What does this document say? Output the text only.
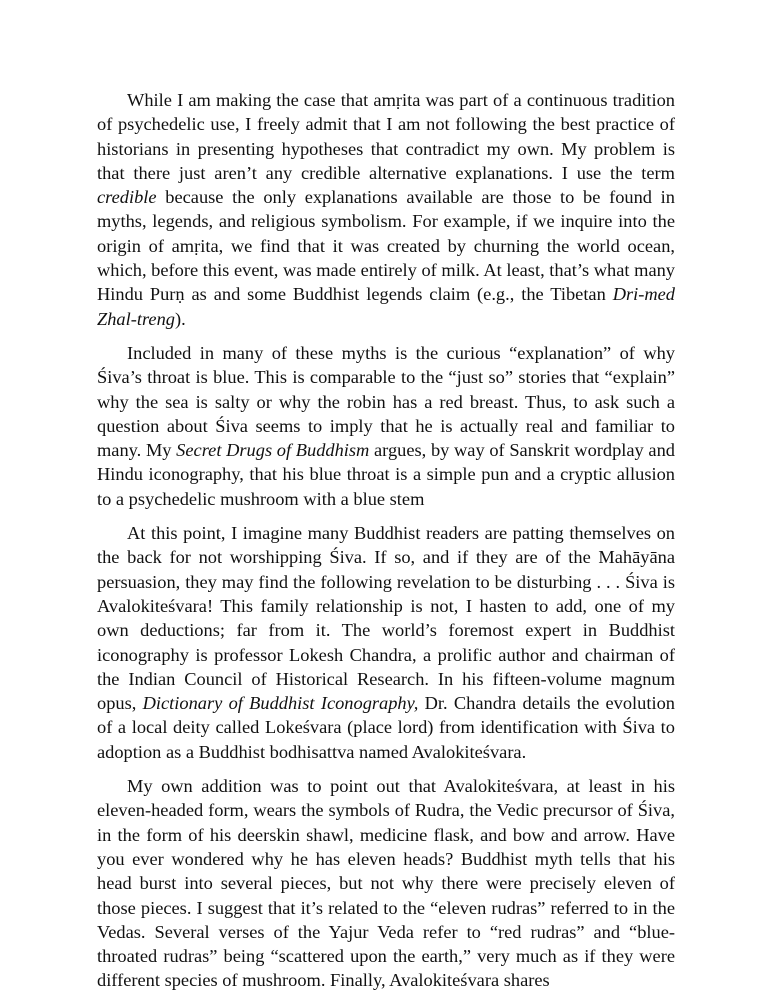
While I am making the case that amṛita was part of a continuous tradition of psychedelic use, I freely admit that I am not following the best practice of historians in presenting hypotheses that contradict my own. My problem is that there just aren’t any credible alternative explanations. I use the term credible because the only explanations available are those to be found in myths, legends, and religious symbolism. For example, if we inquire into the origin of amṛita, we find that it was created by churning the world ocean, which, before this event, was made entirely of milk. At least, that’s what many Hindu Purṇ as and some Buddhist legends claim (e.g., the Tibetan Dri-med Zhal-treng).

Included in many of these myths is the curious “explanation” of why Śiva’s throat is blue. This is comparable to the “just so” stories that “explain” why the sea is salty or why the robin has a red breast. Thus, to ask such a question about Śiva seems to imply that he is actually real and familiar to many. My Secret Drugs of Buddhism argues, by way of Sanskrit wordplay and Hindu iconography, that his blue throat is a simple pun and a cryptic allusion to a psychedelic mushroom with a blue stem

At this point, I imagine many Buddhist readers are patting themselves on the back for not worshipping Śiva. If so, and if they are of the Mahāyāna persuasion, they may find the following revelation to be disturbing . . . Śiva is Avalokiteśvara! This family relationship is not, I hasten to add, one of my own deductions; far from it. The world’s foremost expert in Buddhist iconography is professor Lokesh Chandra, a prolific author and chairman of the Indian Council of Historical Research. In his fifteen-volume magnum opus, Dictionary of Buddhist Iconography, Dr. Chandra details the evolution of a local deity called Lokeśvara (place lord) from identification with Śiva to adoption as a Buddhist bodhisattva named Avalokiteśvara.

My own addition was to point out that Avalokiteśvara, at least in his eleven-headed form, wears the symbols of Rudra, the Vedic precursor of Śiva, in the form of his deerskin shawl, medicine flask, and bow and arrow. Have you ever wondered why he has eleven heads? Buddhist myth tells that his head burst into several pieces, but not why there were precisely eleven of those pieces. I suggest that it’s related to the “eleven rudras” referred to in the Vedas. Several verses of the Yajur Veda refer to “red rudras” and “blue-throated rudras” being “scattered upon the earth,” very much as if they were different species of mushroom. Finally, Avalokiteśvara shares
